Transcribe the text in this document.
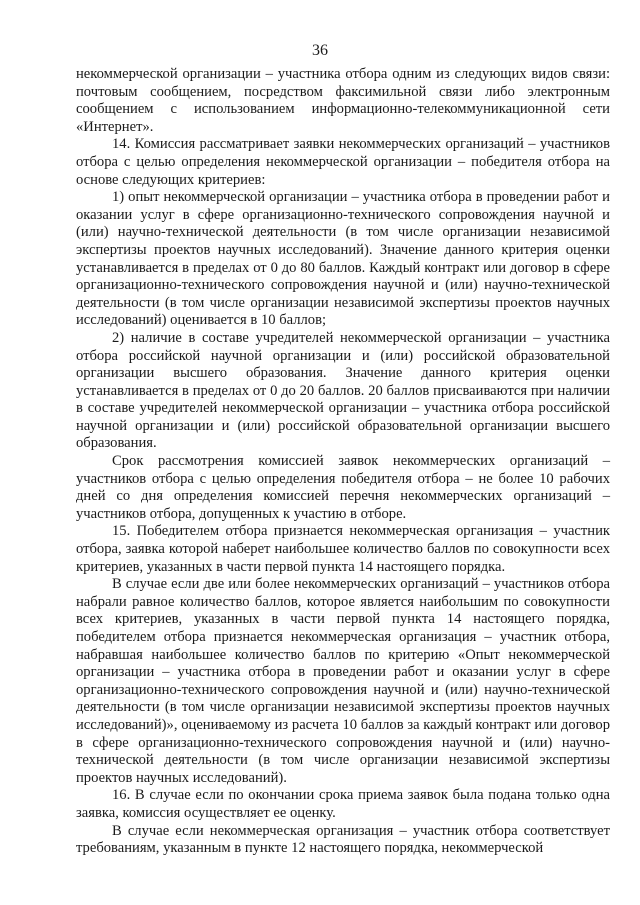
36

некоммерческой организации – участника отбора одним из следующих видов связи: почтовым сообщением, посредством факсимильной связи либо электронным сообщением с использованием информационно-телекоммуникационной сети «Интернет».

14. Комиссия рассматривает заявки некоммерческих организаций – участников отбора с целью определения некоммерческой организации – победителя отбора на основе следующих критериев:

1) опыт некоммерческой организации – участника отбора в проведении работ и оказании услуг в сфере организационно-технического сопровождения научной и (или) научно-технической деятельности (в том числе организации независимой экспертизы проектов научных исследований). Значение данного критерия оценки устанавливается в пределах от 0 до 80 баллов. Каждый контракт или договор в сфере организационно-технического сопровождения научной и (или) научно-технической деятельности (в том числе организации независимой экспертизы проектов научных исследований) оценивается в 10 баллов;

2) наличие в составе учредителей некоммерческой организации – участника отбора российской научной организации и (или) российской образовательной организации высшего образования. Значение данного критерия оценки устанавливается в пределах от 0 до 20 баллов. 20 баллов присваиваются при наличии в составе учредителей некоммерческой организации – участника отбора российской научной организации и (или) российской образовательной организации высшего образования.

Срок рассмотрения комиссией заявок некоммерческих организаций – участников отбора с целью определения победителя отбора – не более 10 рабочих дней со дня определения комиссией перечня некоммерческих организаций – участников отбора, допущенных к участию в отборе.

15. Победителем отбора признается некоммерческая организация – участник отбора, заявка которой наберет наибольшее количество баллов по совокупности всех критериев, указанных в части первой пункта 14 настоящего порядка.

В случае если две или более некоммерческих организаций – участников отбора набрали равное количество баллов, которое является наибольшим по совокупности всех критериев, указанных в части первой пункта 14 настоящего порядка, победителем отбора признается некоммерческая организация – участник отбора, набравшая наибольшее количество баллов по критерию «Опыт некоммерческой организации – участника отбора в проведении работ и оказании услуг в сфере организационно-технического сопровождения научной и (или) научно-технической деятельности (в том числе организации независимой экспертизы проектов научных исследований)», оцениваемому из расчета 10 баллов за каждый контракт или договор в сфере организационно-технического сопровождения научной и (или) научно-технической деятельности (в том числе организации независимой экспертизы проектов научных исследований).

16. В случае если по окончании срока приема заявок была подана только одна заявка, комиссия осуществляет ее оценку.

В случае если некоммерческая организация – участник отбора соответствует требованиям, указанным в пункте 12 настоящего порядка, некоммерческой
